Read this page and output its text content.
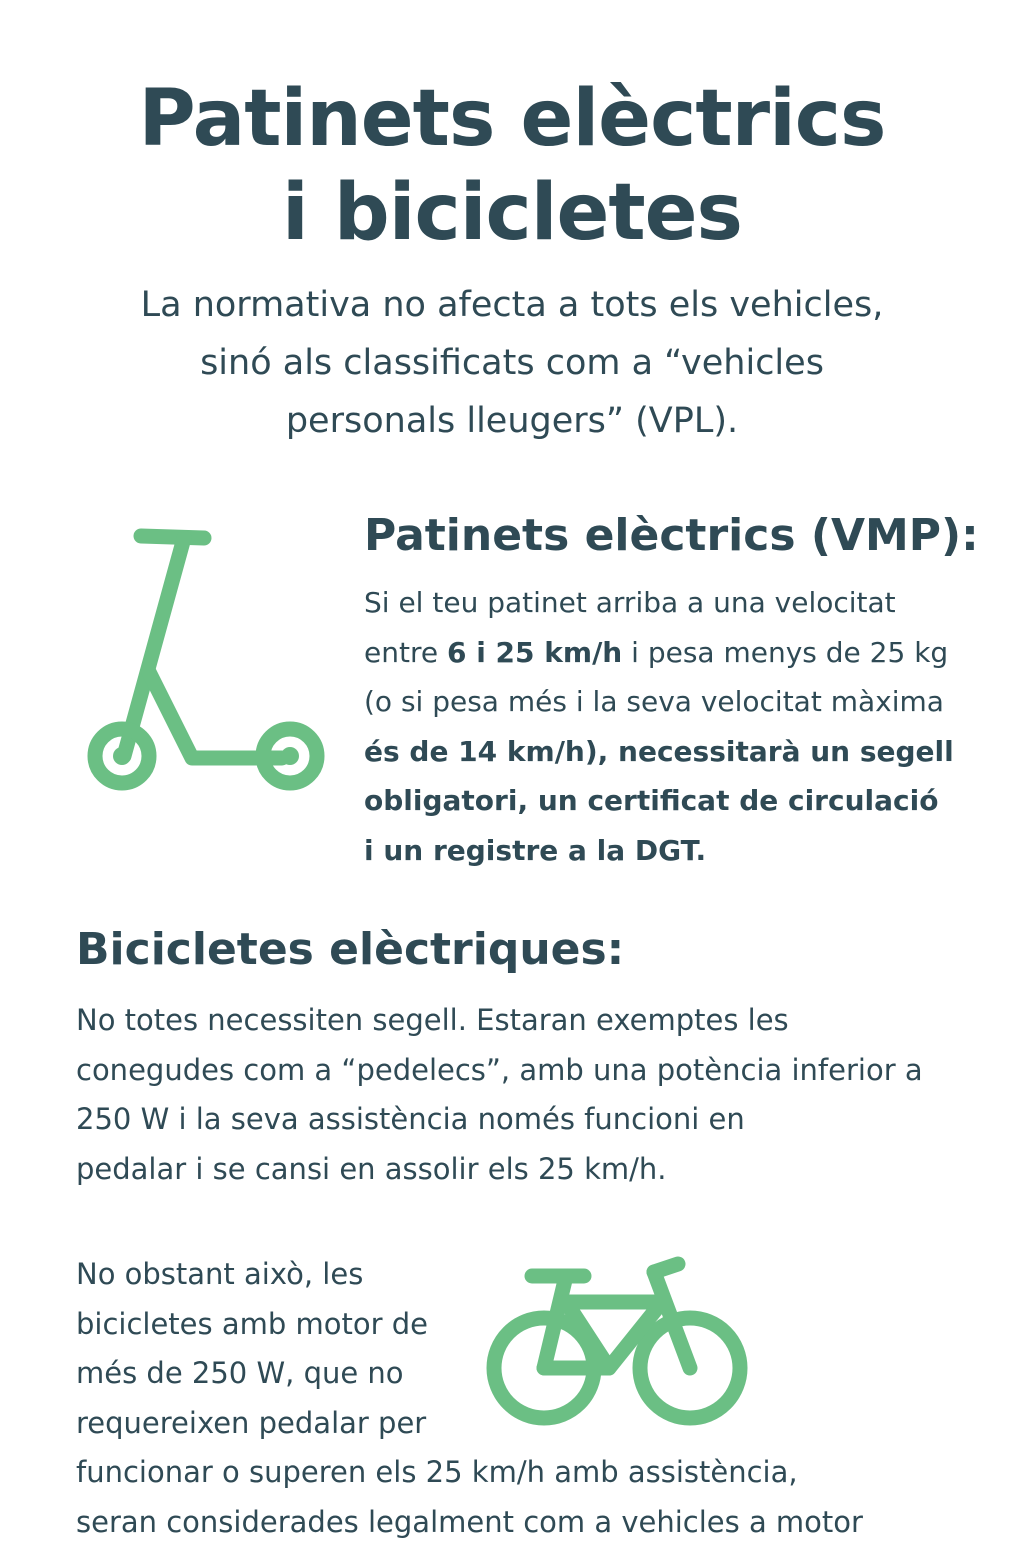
Patinets elèctrics
i bicicletes

La normativa no afecta a tots els vehicles,
sinó als classificats com a “vehicles
personals lleugers” (VPL).

Patinets elèctrics (VMP):
Si el teu patinet arriba a una velocitat
entre 6 i 25 km/h i pesa menys de 25 kg
(o si pesa més i la seva velocitat màxima
és de 14 km/h), necessitarà un segell
obligatori, un certificat de circulació
i un registre a la DGT.
Bicicletes elèctriques:
No totes necessiten segell. Estaran exemptes les
conegudes com a “pedelecs”, amb una potència inferior a
250 W i la seva assistència només funcioni en
pedalar i se cansi en assolir els 25 km/h.
No obstant això, les
bicicletes amb motor de
més de 250 W, que no
requereixen pedalar per
funcionar o superen els 25 km/h amb assistència,
seran considerades legalment com a vehicles a motor
